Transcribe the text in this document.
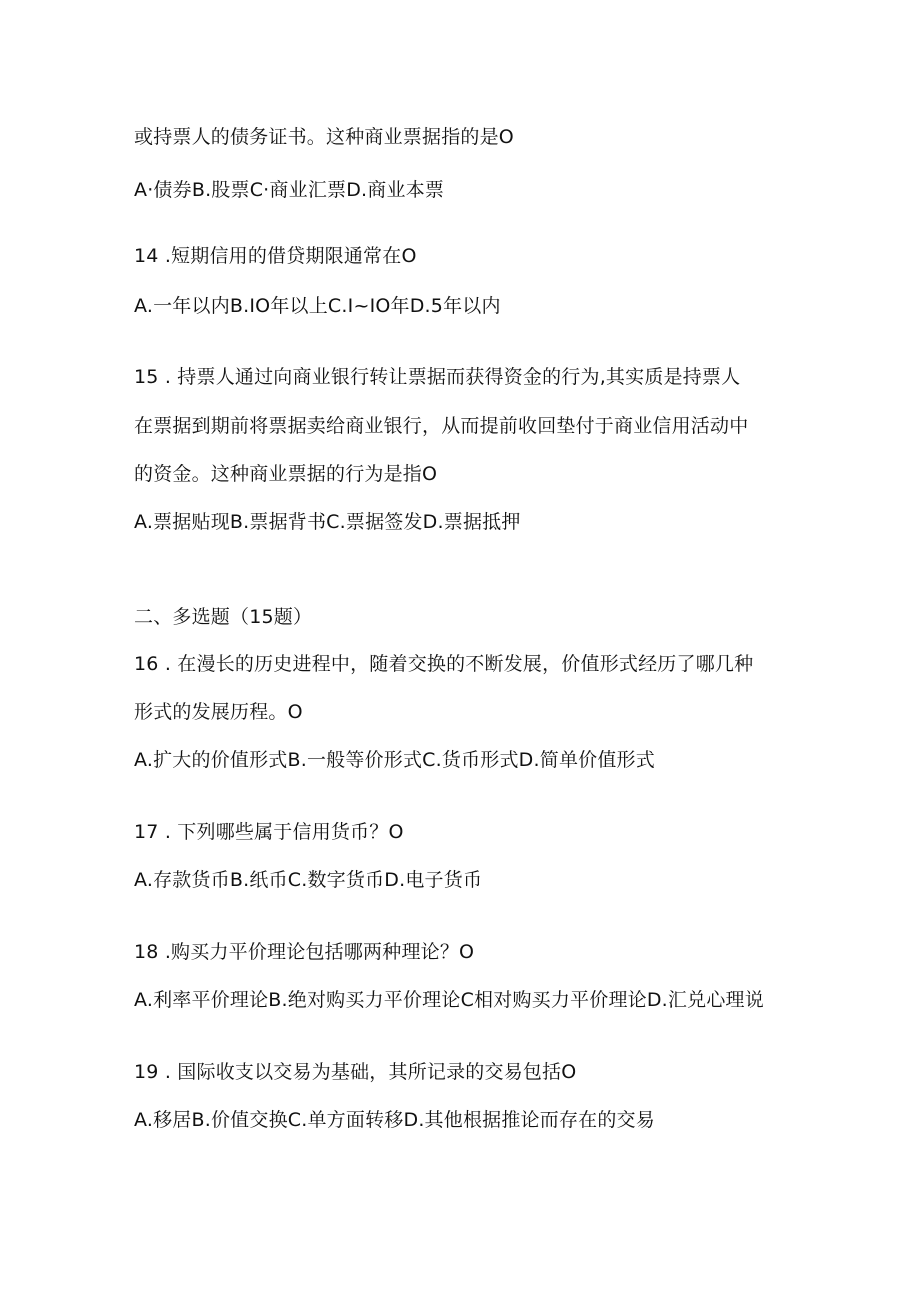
或持票人的债务证书。这种商业票据指的是O
A·债券B.股票C·商业汇票D.商业本票
14 .短期信用的借贷期限通常在O
A.一年以内B.IO年以上C.I~IO年D.5年以内
15 . 持票人通过向商业银行转让票据而获得资金的行为,其实质是持票人
在票据到期前将票据卖给商业银行，从而提前收回垫付于商业信用活动中
的资金。这种商业票据的行为是指O
A.票据贴现B.票据背书C.票据签发D.票据抵押
二、多选题（15题）
16 . 在漫长的历史进程中，随着交换的不断发展，价值形式经历了哪几种
形式的发展历程。O
A.扩大的价值形式B.一般等价形式C.货币形式D.简单价值形式
17 . 下列哪些属于信用货币？O
A.存款货币B.纸币C.数字货币D.电子货币
18 .购买力平价理论包括哪两种理论？O
A.利率平价理论B.绝对购买力平价理论C相对购买力平价理论D.汇兑心理说
19 . 国际收支以交易为基础，其所记录的交易包括O
A.移居B.价值交换C.单方面转移D.其他根据推论而存在的交易
